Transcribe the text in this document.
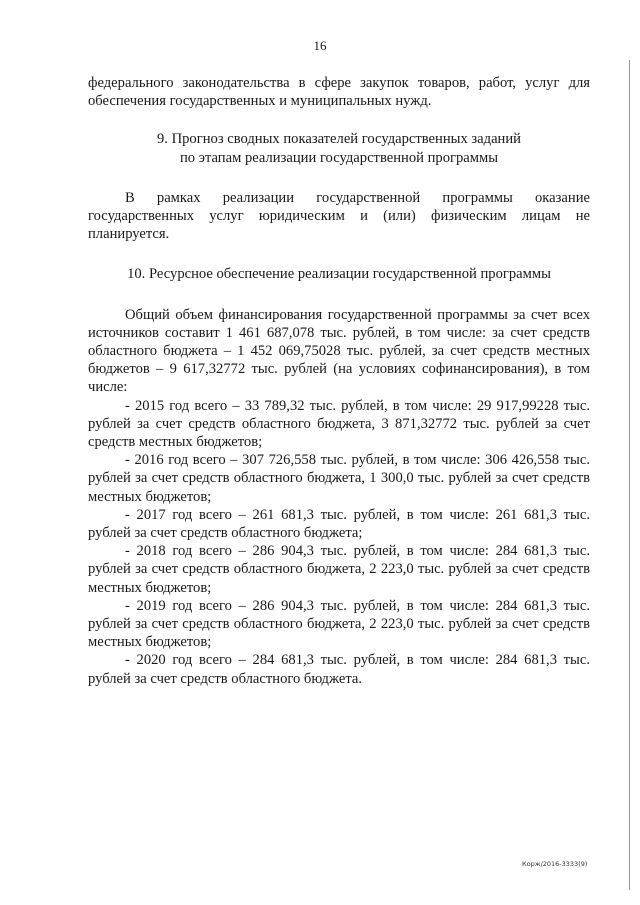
16

федерального законодательства в сфере закупок товаров, работ, услуг для обеспечения государственных и муниципальных нужд.

9. Прогноз сводных показателей государственных заданий
по этапам реализации государственной программы

В рамках реализации государственной программы оказание государственных услуг юридическим и (или) физическим лицам не планируется.

10. Ресурсное обеспечение реализации государственной программы

Общий объем финансирования государственной программы за счет всех источников составит 1 461 687,078 тыс. рублей, в том числе: за счет средств областного бюджета – 1 452 069,75028 тыс. рублей, за счет средств местных бюджетов – 9 617,32772 тыс. рублей (на условиях софинансирования), в том числе:

- 2015 год всего – 33 789,32 тыс. рублей, в том числе: 29 917,99228 тыс. рублей за счет средств областного бюджета, 3 871,32772 тыс. рублей за счет средств местных бюджетов;

- 2016 год всего – 307 726,558 тыс. рублей, в том числе: 306 426,558 тыс. рублей за счет средств областного бюджета, 1 300,0 тыс. рублей за счет средств местных бюджетов;

- 2017 год всего – 261 681,3 тыс. рублей, в том числе: 261 681,3 тыс. рублей за счет средств областного бюджета;

- 2018 год всего – 286 904,3 тыс. рублей, в том числе: 284 681,3 тыс. рублей за счет средств областного бюджета, 2 223,0 тыс. рублей за счет средств местных бюджетов;

- 2019 год всего – 286 904,3 тыс. рублей, в том числе: 284 681,3 тыс. рублей за счет средств областного бюджета, 2 223,0 тыс. рублей за счет средств местных бюджетов;

- 2020 год всего – 284 681,3 тыс. рублей, в том числе: 284 681,3 тыс. рублей за счет средств областного бюджета.

Корж/2016-3333(9)
